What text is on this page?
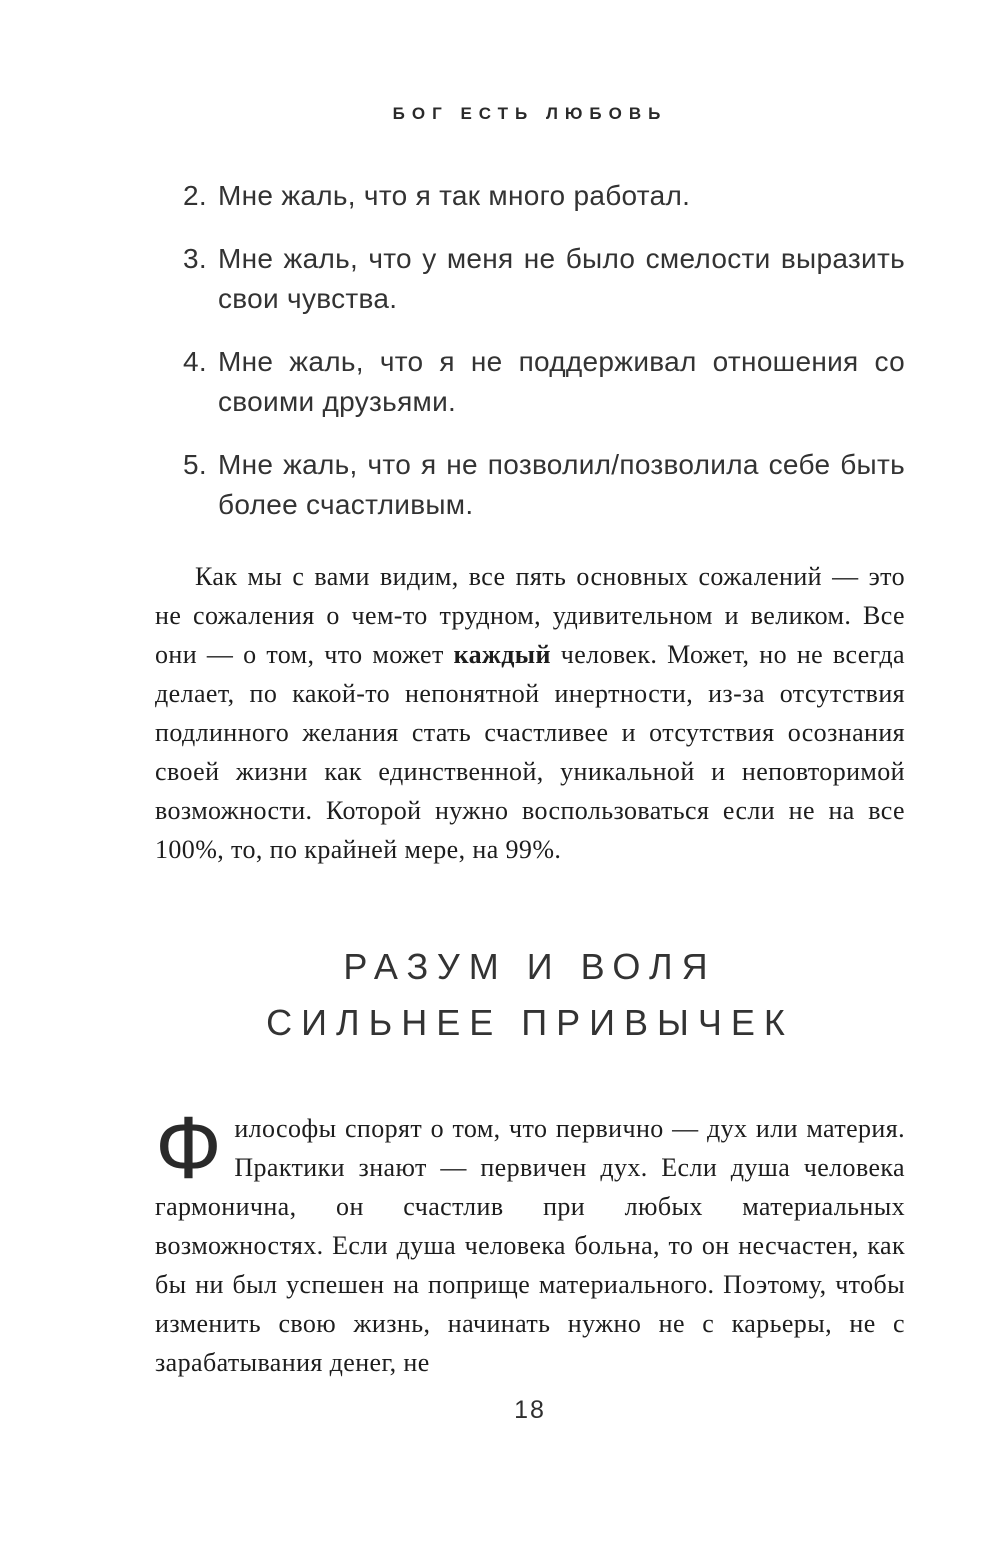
БОГ ЕСТЬ ЛЮБОВЬ
2. Мне жаль, что я так много работал.
3. Мне жаль, что у меня не было смелости выразить свои чувства.
4. Мне жаль, что я не поддерживал отношения со своими друзьями.
5. Мне жаль, что я не позволил/позволила себе быть более счастливым.

Как мы с вами видим, все пять основных сожалений — это не сожаления о чем-то трудном, удивительном и великом. Все они — о том, что может каждый человек. Может, но не всегда делает, по какой-то непонятной инертности, из-за отсутствия подлинного желания стать счастливее и отсутствия осознания своей жизни как единственной, уникальной и неповторимой возможности. Которой нужно воспользоваться если не на все 100%, то, по крайней мере, на 99%.

РАЗУМ И ВОЛЯ
СИЛЬНЕЕ ПРИВЫЧЕК

Философы спорят о том, что первично — дух или материя. Практики знают — первичен дух. Если душа человека гармонична, он счастлив при любых материальных возможностях. Если душа человека больна, то он несчастен, как бы ни был успешен на поприще материального. Поэтому, чтобы изменить свою жизнь, начинать нужно не с карьеры, не с зарабатывания денег, не

18
